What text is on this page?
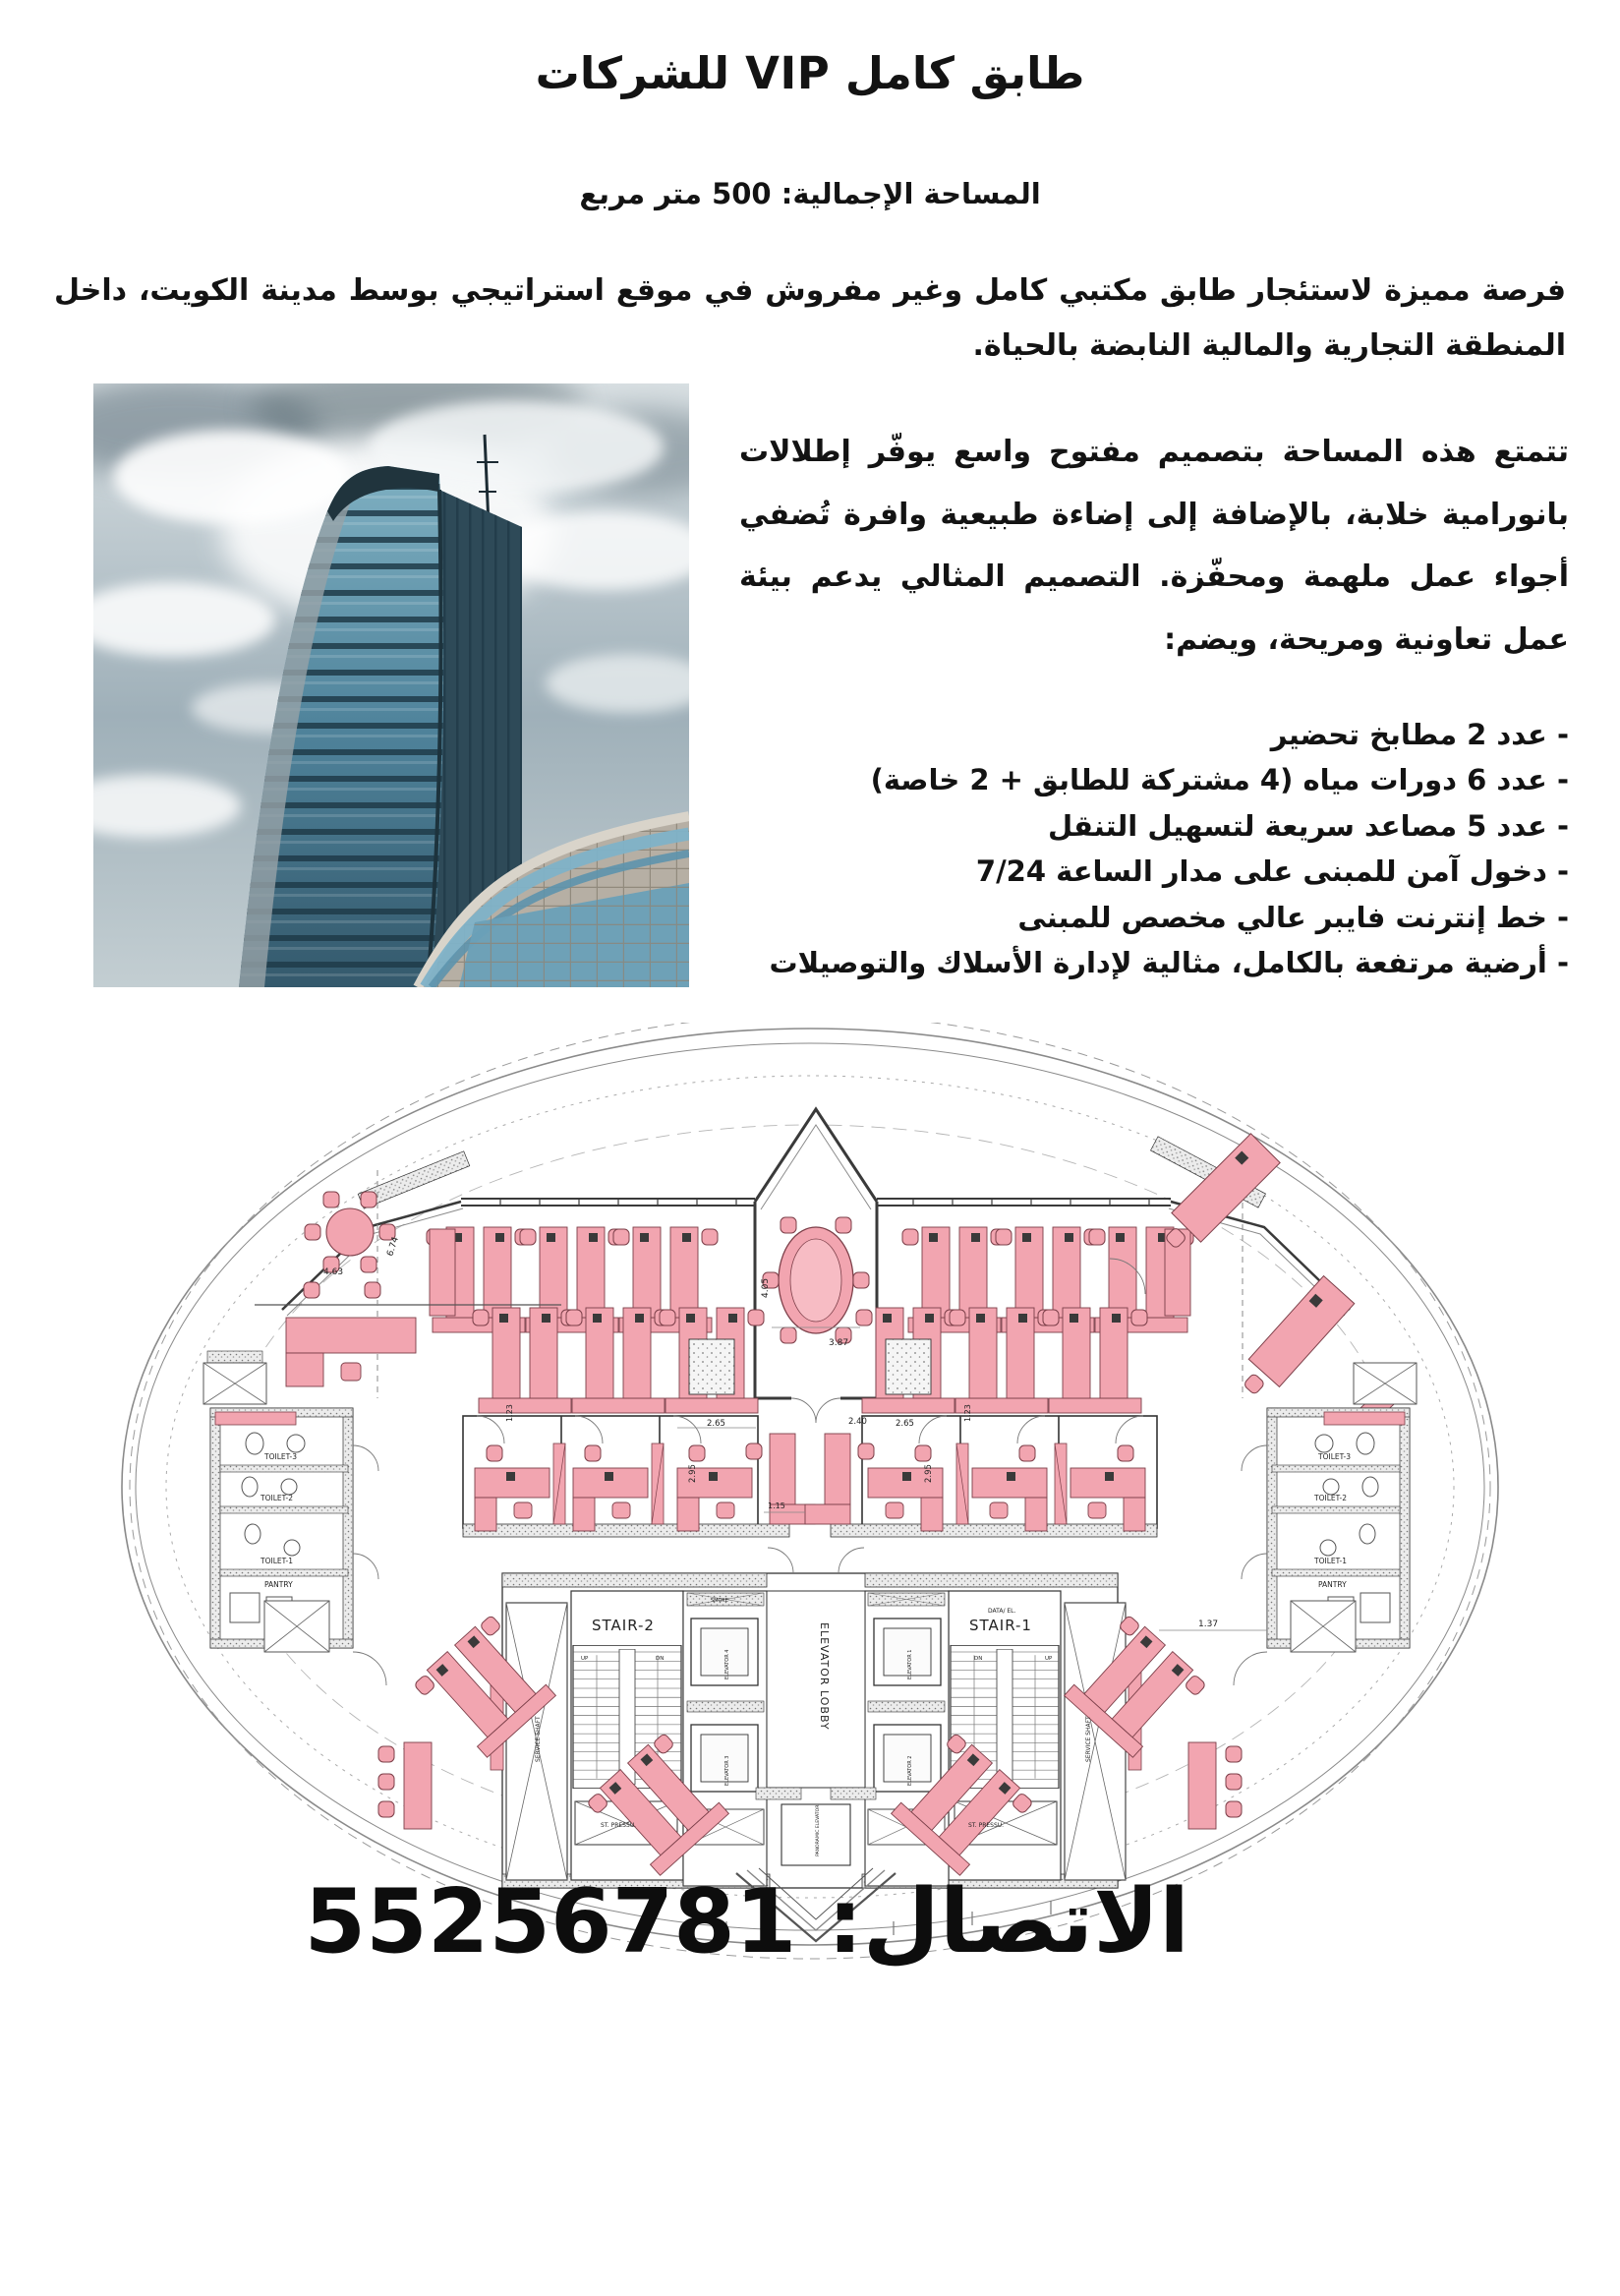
طابق كامل VIP للشركات
المساحة الإجمالية: 500 متر مربع
فرصة مميزة لاستئجار طابق مكتبي كامل وغير مفروش في موقع استراتيجي بوسط مدينة الكويت، داخل المنطقة التجارية والمالية النابضة بالحياة.
تتمتع هذه المساحة بتصميم مفتوح واسع يوفّر إطلالات بانورامية خلابة، بالإضافة إلى إضاءة طبيعية وافرة تُضفي أجواء عمل ملهمة ومحفّزة. التصميم المثالي يدعم بيئة عمل تعاونية ومريحة، ويضم:
- عدد 2 مطابخ تحضير
- عدد 6 دورات مياه (4 مشتركة للطابق + 2 خاصة)
- عدد 5 مصاعد سريعة لتسهيل التنقل
- دخول آمن للمبنى على مدار الساعة 7/24
- خط إنترنت فايبر عالي مخصص للمبنى
- أرضية مرتفعة بالكامل، مثالية لإدارة الأسلاك والتوصيلات
STAIR-2	STAIR-1
ELEVATOR LOBBY
PANORAMIC ELEVATOR
SERVICE SHAFT	SERVICE SHAFT
ELEVATOR 4
ELEVATOR 3
ELEVATOR 1
ELEVATOR 2
SMOKE
ST. PRESSU.	ST. PRESSU.
DATA/ EL.
UP	DN	DN	UP
TOILET-3
TOILET-2
TOILET-1
PANTRY
TOILET-3
TOILET-2
TOILET-1
PANTRY
4.63
6.74
4.05
3.87
1.23	1.23
2.65	2.65
2.95	2.95
2.40
1.37
1.15
الاتصال: 55256781
